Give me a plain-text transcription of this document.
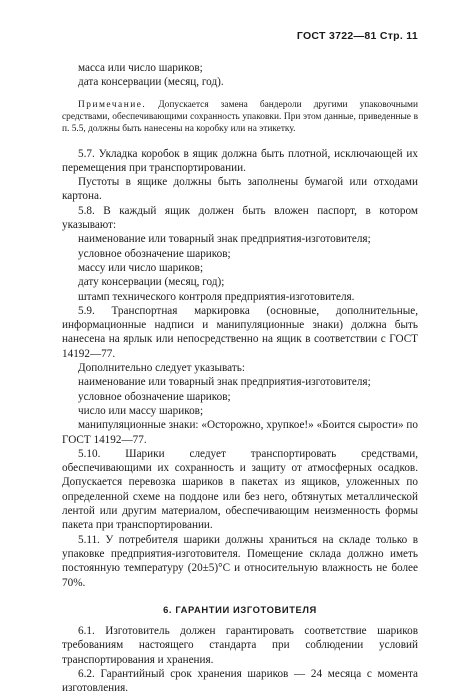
ГОСТ 3722—81 Стр. 11

масса или число шариков;

дата консервации (месяц, год).

Примечание. Допускается замена бандероли другими упаковочными средствами, обеспечивающими сохранность упаковки. При этом данные, приведенные в п. 5.5, должны быть нанесены на коробку или на этикетку.

5.7. Укладка коробок в ящик должна быть плотной, исключающей их перемещения при транспортировании.

Пустоты в ящике должны быть заполнены бумагой или отходами картона.

5.8. В каждый ящик должен быть вложен паспорт, в котором указывают:

наименование или товарный знак предприятия-изготовителя;

условное обозначение шариков;

массу или число шариков;

дату консервации (месяц, год);

штамп технического контроля предприятия-изготовителя.

5.9. Транспортная маркировка (основные, дополнительные, информационные надписи и манипуляционные знаки) должна быть нанесена на ярлык или непосредственно на ящик в соответствии с ГОСТ 14192—77.

Дополнительно следует указывать:

наименование или товарный знак предприятия-изготовителя;

условное обозначение шариков;

число или массу шариков;

манипуляционные знаки: «Осторожно, хрупкое!» «Боится сырости» по ГОСТ 14192—77.

5.10. Шарики следует транспортировать средствами, обеспечивающими их сохранность и защиту от атмосферных осадков. Допускается перевозка шариков в пакетах из ящиков, уложенных по определенной схеме на поддоне или без него, обтянутых металлической лентой или другим материалом, обеспечивающим неизменность формы пакета при транспортировании.

5.11. У потребителя шарики должны храниться на складе только в упаковке предприятия-изготовителя. Помещение склада должно иметь постоянную температуру (20±5)°С и относительную влажность не более 70%.

6. ГАРАНТИИ ИЗГОТОВИТЕЛЯ

6.1. Изготовитель должен гарантировать соответствие шариков требованиям настоящего стандарта при соблюдении условий транспортирования и хранения.

6.2. Гарантийный срок хранения шариков — 24 месяца с момента изготовления.
